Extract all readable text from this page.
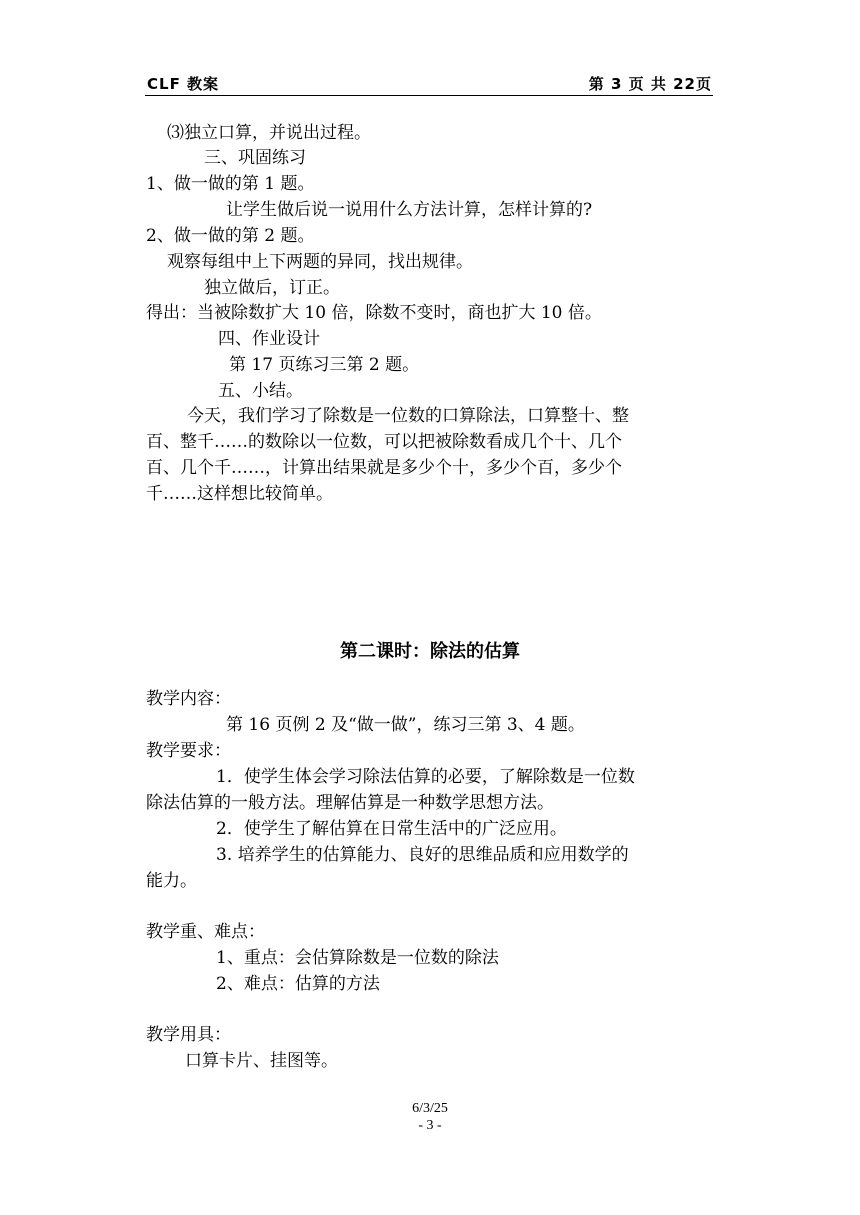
CLF 教案	第 3 页 共 22页
⑶独立口算，并说出过程。
三、巩固练习
1、做一做的第 1 题。
让学生做后说一说用什么方法计算，怎样计算的?
2、做一做的第 2 题。
观察每组中上下两题的异同，找出规律。
独立做后，订正。
得出：当被除数扩大 10 倍，除数不变时，商也扩大 10 倍。
四、作业设计
第 17 页练习三第 2 题。
五、小结。
今天，我们学习了除数是一位数的口算除法，口算整十、整
百、整千……的数除以一位数，可以把被除数看成几个十、几个
百、几个千……，计算出结果就是多少个十，多少个百，多少个
千……这样想比较简单。
第二课时：除法的估算
教学内容：
第 16 页例 2 及“做一做”，练习三第 3、4 题。
教学要求：
1．使学生体会学习除法估算的必要，了解除数是一位数
除法估算的一般方法。理解估算是一种数学思想方法。
2．使学生了解估算在日常生活中的广泛应用。
3. 培养学生的估算能力、良好的思维品质和应用数学的
能力。
教学重、难点：
1、重点：会估算除数是一位数的除法
2、难点：估算的方法
教学用具：
口算卡片、挂图等。
6/3/25
- 3 -
